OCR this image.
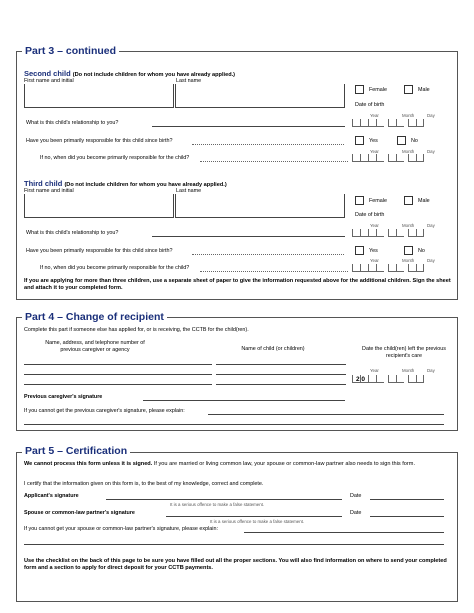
Part 3 – continued
Second child (Do not include children for whom you have already applied.)
First name and initial	Last name

Female	Male
Date of birth
Year	Month	Day
What is this child's relationship to you?
Have you been primarily responsible for this child since birth?	Yes	No
Year	Month	Day
If no, when did you become primarily responsible for the child?
Third child (Do not include children for whom you have already applied.)
First name and initial	Last name

Female	Male
Date of birth
Year	Month	Day
What is this child's relationship to you?
Have you been primarily responsible for this child since birth?	Yes	No
Year	Month	Day
If no, when did you become primarily responsible for the child?
If you are applying for more than three children, use a separate sheet of paper to give the information requested above for the additional children. Sign the sheet and attach it to your completed form.
Part 4 – Change of recipient
Complete this part if someone else has applied for, or is receiving, the CCTB for the child(ren).
Name, address, and telephone number of previous caregiver or agency	Name of child (or children)	Date the child(ren) left the previous recipient's care
Year	Month	Day
2 0
Previous caregiver's signature
If you cannot get the previous caregiver's signature, please explain:
Part 5 – Certification
We cannot process this form unless it is signed. If you are married or living common law, your spouse or common-law partner also needs to sign this form.
I certify that the information given on this form is, to the best of my knowledge, correct and complete.
Applicant's signature	Date
It is a serious offence to make a false statement.
Spouse or common-law partner's signature	Date
It is a serious offence to make a false statement.
If you cannot get your spouse or common-law partner's signature, please explain:
Use the checklist on the back of this page to be sure you have filled out all the proper sections. You will also find information on where to send your completed form and a section to apply for direct deposit for your CCTB payments.
